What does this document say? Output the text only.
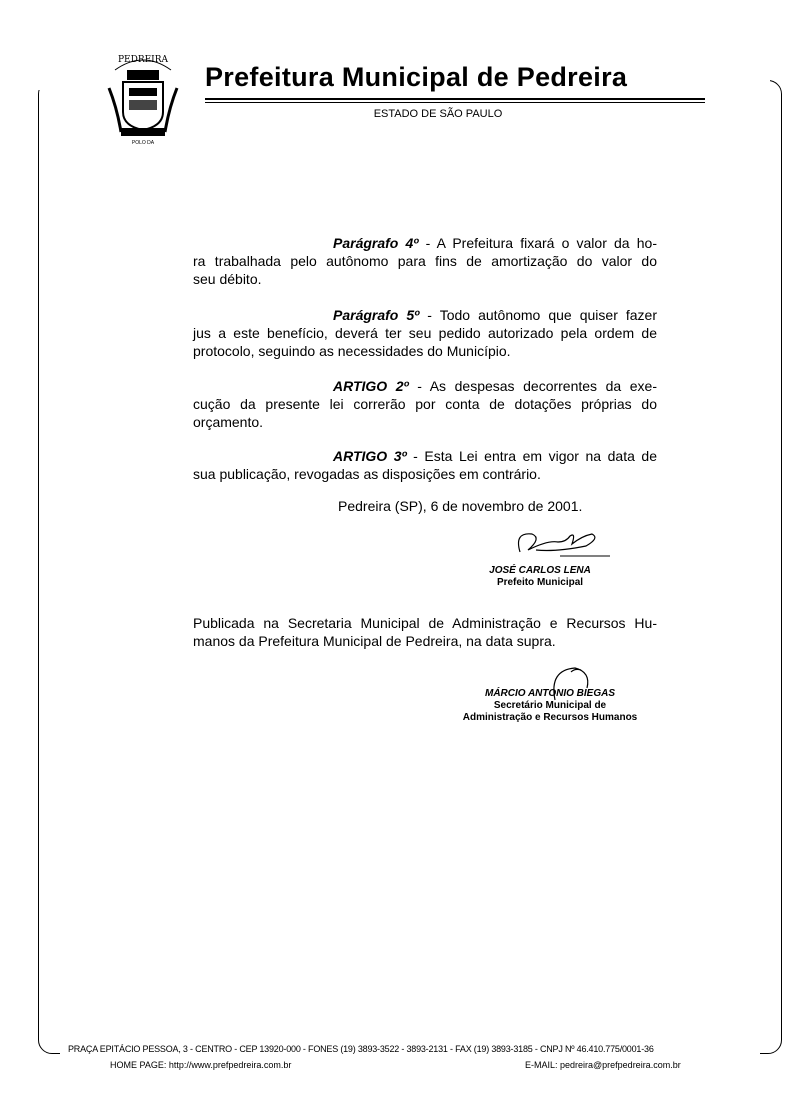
PEDREIRA
POLO DA
Prefeitura Municipal de Pedreira
ESTADO DE SÃO PAULO
Parágrafo 4º - A Prefeitura fixará o valor da ho-
ra trabalhada pelo autônomo para fins de amortização do valor do
seu débito.
Parágrafo 5º - Todo autônomo que quiser fazer
jus a este benefício, deverá ter seu pedido autorizado pela ordem de
protocolo, seguindo as necessidades do Município.
ARTIGO 2º - As despesas decorrentes da exe-
cução da presente lei correrão por conta de dotações próprias do
orçamento.
ARTIGO 3º - Esta Lei entra em vigor na data de
sua publicação, revogadas as disposições em contrário.
Pedreira (SP), 6 de novembro de 2001.
JOSÉ CARLOS LENA
Prefeito Municipal
Publicada na Secretaria Municipal de Administração e Recursos Hu-
manos da Prefeitura Municipal de Pedreira, na data supra.
MÁRCIO ANTONIO BIEGAS
Secretário Municipal de
Administração e Recursos Humanos
PRAÇA EPITÁCIO PESSOA, 3 - CENTRO - CEP 13920-000 - FONES (19) 3893-3522 - 3893-2131 - FAX (19) 3893-3185 - CNPJ Nº 46.410.775/0001-36
HOME PAGE: http://www.prefpedreira.com.br	E-MAIL: pedreira@prefpedreira.com.br
